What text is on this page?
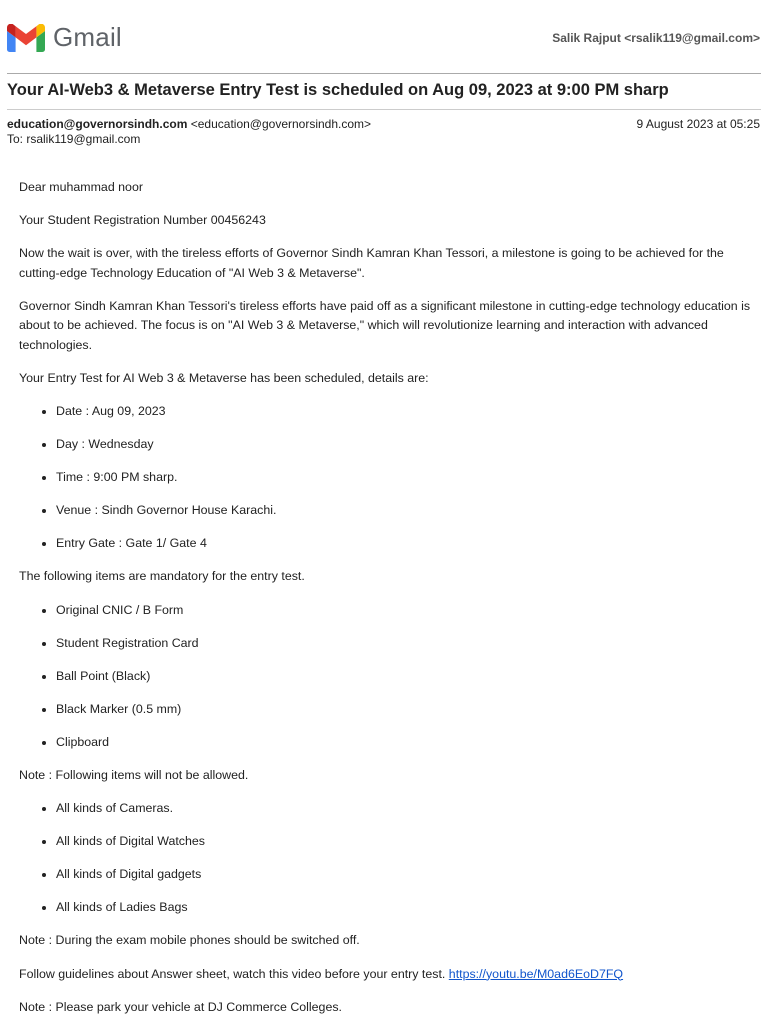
Gmail	Salik Rajput <rsalik119@gmail.com>
Your AI-Web3 & Metaverse Entry Test is scheduled on Aug 09, 2023 at 9:00 PM sharp
education@governorsindh.com <education@governorsindh.com>	9 August 2023 at 05:25
To: rsalik119@gmail.com

Dear muhammad noor

Your Student Registration Number 00456243

Now the wait is over, with the tireless efforts of Governor Sindh Kamran Khan Tessori, a milestone is going to be achieved for the cutting-edge Technology Education of "AI Web 3 & Metaverse".

Governor Sindh Kamran Khan Tessori's tireless efforts have paid off as a significant milestone in cutting-edge technology education is about to be achieved. The focus is on "AI Web 3 & Metaverse," which will revolutionize learning and interaction with advanced technologies.

Your Entry Test for AI Web 3 & Metaverse has been scheduled, details are:

• Date : Aug 09, 2023
• Day : Wednesday
• Time : 9:00 PM sharp.
• Venue : Sindh Governor House Karachi.
• Entry Gate : Gate 1/ Gate 4

The following items are mandatory for the entry test.

• Original CNIC / B Form
• Student Registration Card
• Ball Point (Black)
• Black Marker (0.5 mm)
• Clipboard

Note : Following items will not be allowed.

• All kinds of Cameras.
• All kinds of Digital Watches
• All kinds of Digital gadgets
• All kinds of Ladies Bags

Note : During the exam mobile phones should be switched off.

Follow guidelines about Answer sheet, watch this video before your entry test. https://youtu.be/M0ad6EoD7FQ

Note : Please park your vehicle at DJ Commerce Colleges.
